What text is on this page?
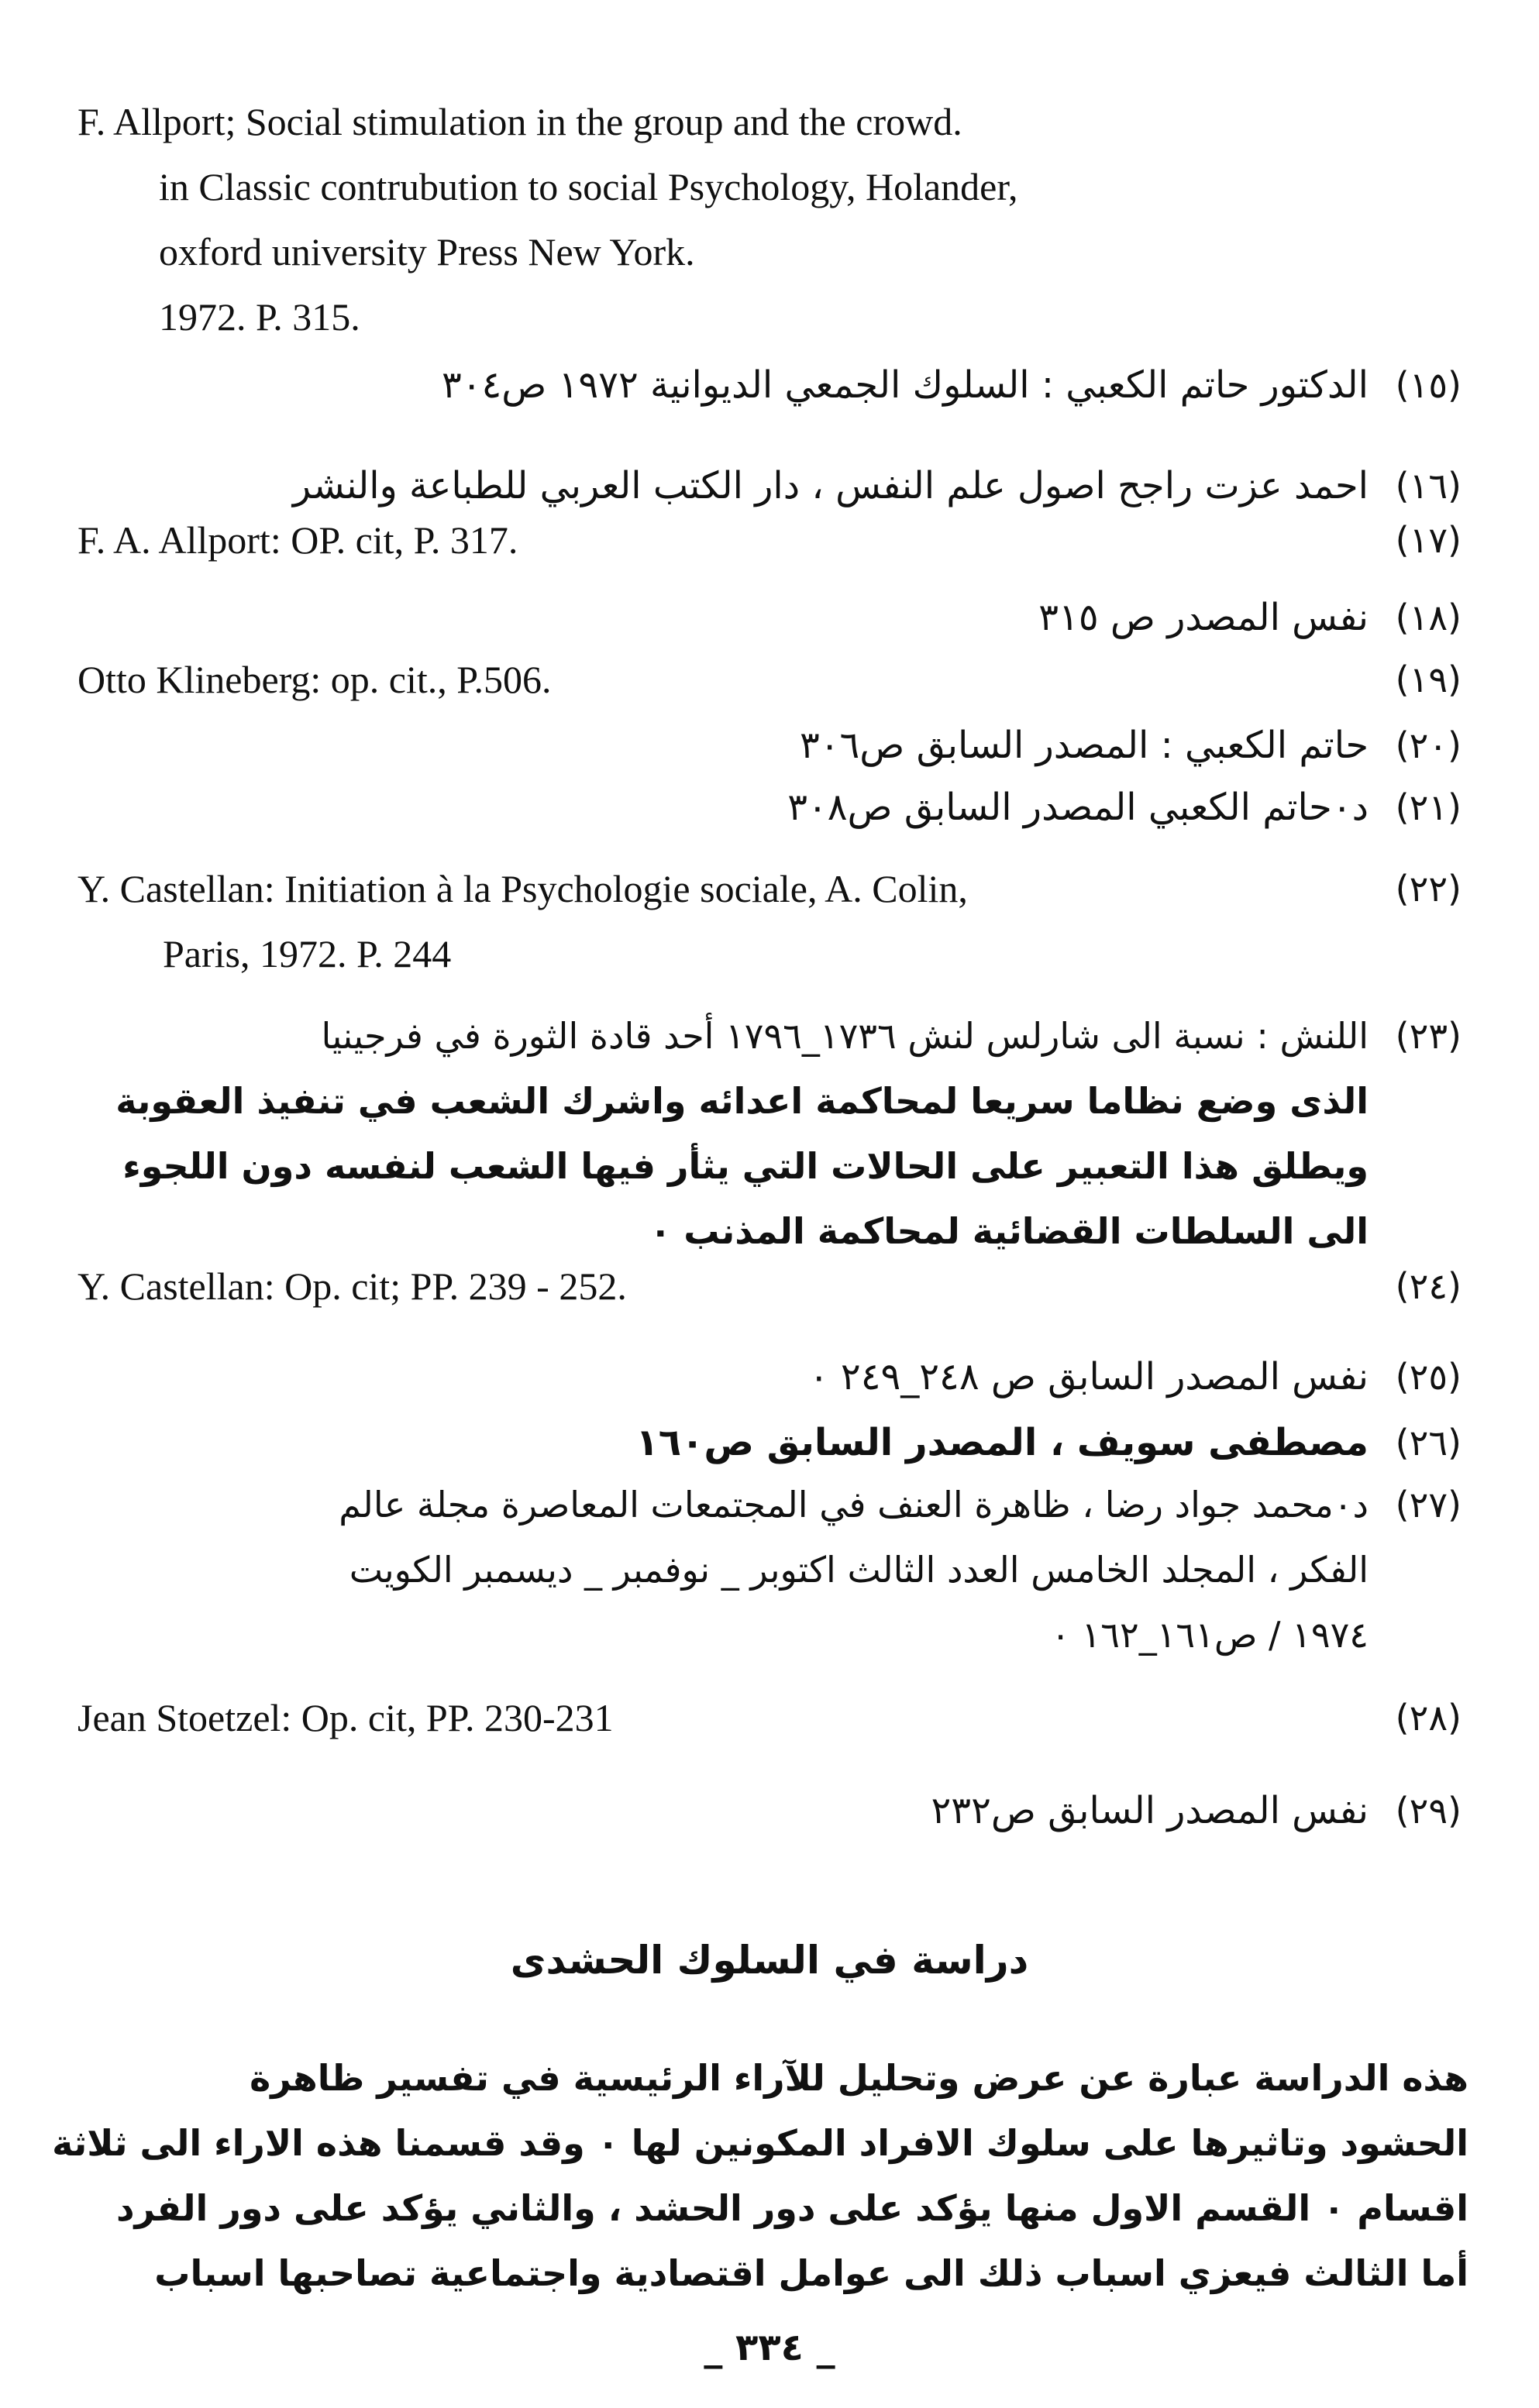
F. Allport; Social stimulation in the group and the crowd.
in Classic contrubution to social Psychology, Holander,
oxford university Press New York.
1972. P. 315.
(١٥)
الدكتور حاتم الكعبي : السلوك الجمعي الديوانية ١٩٧٢ ص٣٠٤
(١٦)
احمد عزت راجح اصول علم النفس ، دار الكتب العربي للطباعة والنشر
(١٧)
F. A. Allport: OP. cit, P. 317.
(١٨)
نفس المصدر ص ٣١٥
(١٩)
Otto Klineberg: op. cit., P.506.
(٢٠)
حاتم الكعبي : المصدر السابق ص٣٠٦
(٢١)
د٠حاتم الكعبي المصدر السابق ص٣٠٨
(٢٢)
Y. Castellan: Initiation à la Psychologie sociale, A. Colin,
Paris, 1972. P. 244
(٢٣)
اللنش : نسبة الى شارلس لنش ١٧٣٦_١٧٩٦ أحد قادة الثورة في فرجينيا
الذى وضع نظاما سريعا لمحاكمة اعدائه واشرك الشعب في تنفيذ العقوبة
ويطلق هذا التعبير على الحالات التي يثأر فيها الشعب لنفسه دون اللجوء
الى السلطات القضائية لمحاكمة المذنب ٠
(٢٤)
Y. Castellan: Op. cit; PP. 239 - 252.
(٢٥)
نفس المصدر السابق ص ٢٤٨_٢٤٩ ٠
(٢٦)
مصطفى سويف ، المصدر السابق ص١٦٠
(٢٧)
د٠محمد جواد رضا ، ظاهرة العنف في المجتمعات المعاصرة مجلة عالم
الفكر ، المجلد الخامس العدد الثالث اكتوبر _ نوفمبر _ ديسمبر الكويت
١٩٧٤ / ص١٦١_١٦٢ ٠
(٢٨)
Jean Stoetzel: Op. cit, PP. 230-231
(٢٩)
نفس المصدر السابق ص٢٣٢
دراسة في السلوك الحشدى
هذه الدراسة عبارة عن عرض وتحليل للآراء الرئيسية في تفسير ظاهرة
الحشود وتاثيرها على سلوك الافراد المكونين لها ٠ وقد قسمنا هذه الاراء الى ثلاثة
اقسام ٠ القسم الاول منها يؤكد على دور الحشد ، والثاني يؤكد على دور الفرد
أما الثالث فيعزي اسباب ذلك الى عوامل اقتصادية واجتماعية تصاحبها اسباب
_ ٣٣٤ _
